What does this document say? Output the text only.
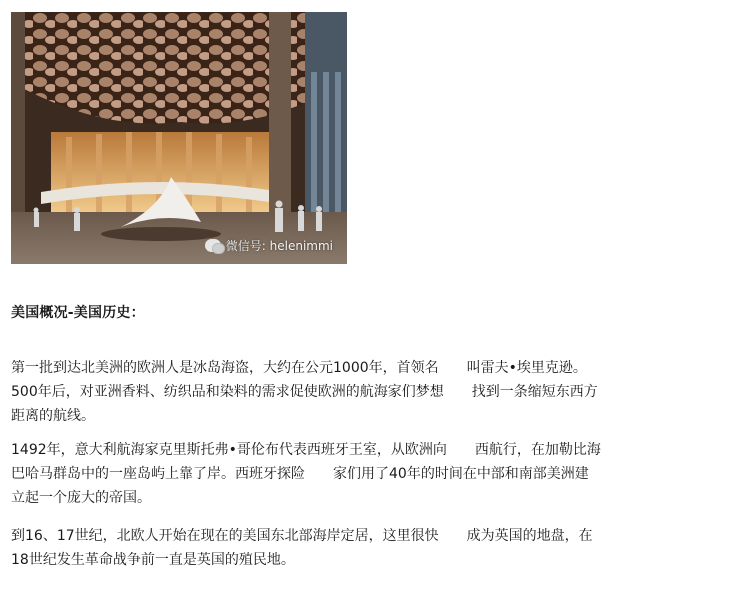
微信号: helenimmi
美国概况-美国历史：

第一批到达北美洲的欧洲人是冰岛海盗，大约在公元1000年，首领名　　叫雷夫•埃里克逊。
500年后，对亚洲香料、纺织品和染料的需求促使欧洲的航海家们梦想　　找到一条缩短东西方
距离的航线。

1492年，意大利航海家克里斯托弗•哥伦布代表西班牙王室，从欧洲向　　西航行，在加勒比海
巴哈马群岛中的一座岛屿上靠了岸。西班牙探险　　家们用了40年的时间在中部和南部美洲建
立起一个庞大的帝国。

到16、17世纪，北欧人开始在现在的美国东北部海岸定居，这里很快　　成为英国的地盘，在
18世纪发生革命战争前一直是英国的殖民地。
